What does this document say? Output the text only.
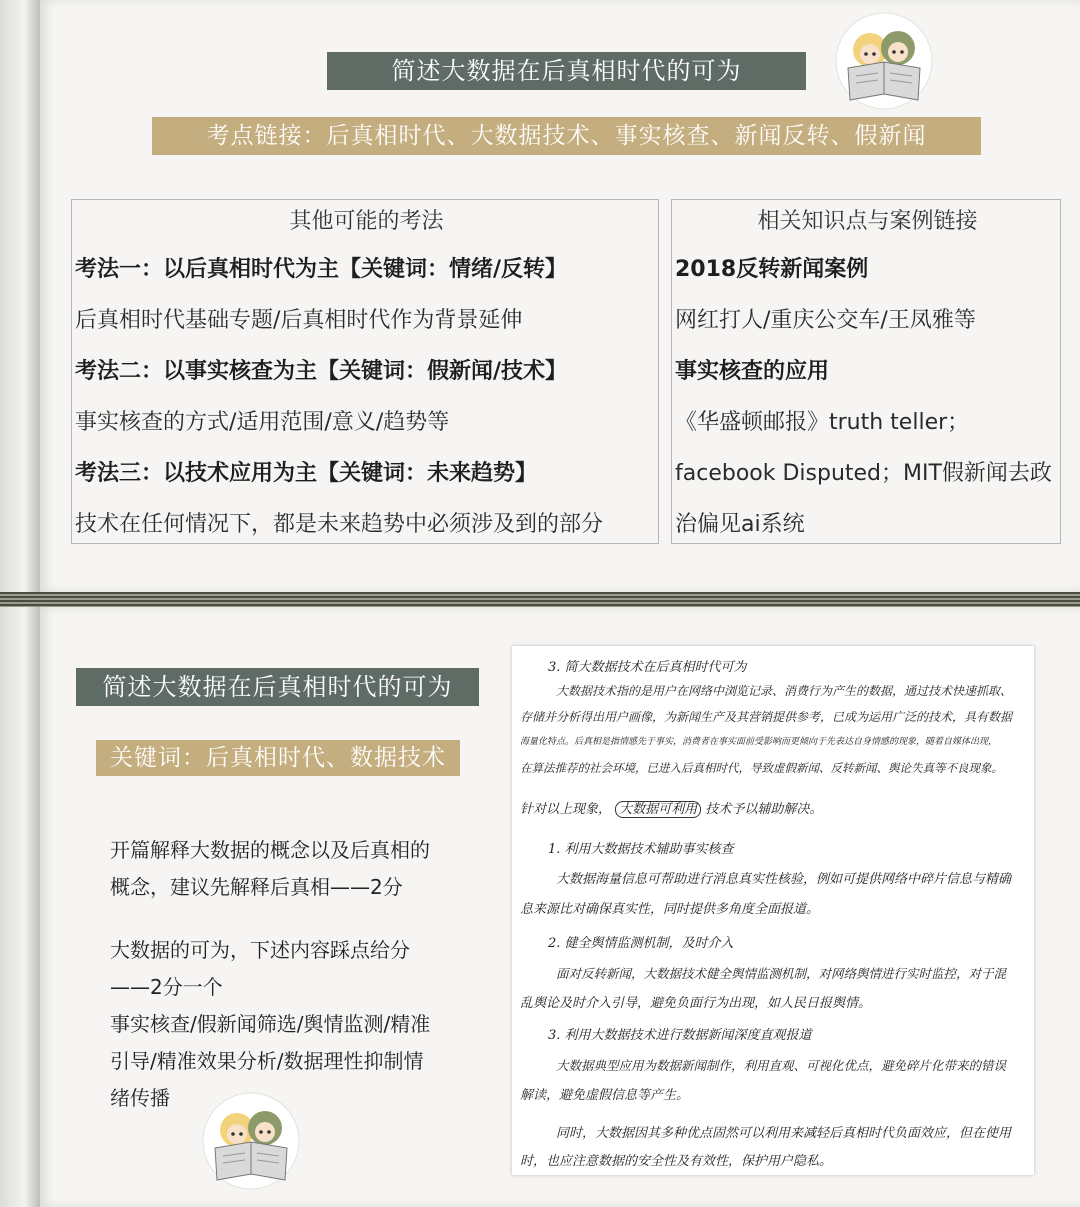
简述大数据在后真相时代的可为
考点链接：后真相时代、大数据技术、事实核查、新闻反转、假新闻
其他可能的考法
考法一：以后真相时代为主【关键词：情绪/反转】
后真相时代基础专题/后真相时代作为背景延伸
考法二：以事实核查为主【关键词：假新闻/技术】
事实核查的方式/适用范围/意义/趋势等
考法三：以技术应用为主【关键词：未来趋势】
技术在任何情况下，都是未来趋势中必须涉及到的部分
相关知识点与案例链接
2018反转新闻案例
网红打人/重庆公交车/王凤雅等
事实核查的应用
《华盛顿邮报》truth teller；
facebook Disputed；MIT假新闻去政
治偏见ai系统
简述大数据在后真相时代的可为
关键词：后真相时代、数据技术
开篇解释大数据的概念以及后真相的
概念，建议先解释后真相——2分
大数据的可为，下述内容踩点给分
——2分一个
事实核查/假新闻筛选/舆情监测/精准
引导/精准效果分析/数据理性抑制情
绪传播
3. 简大数据技术在后真相时代可为
大数据技术指的是用户在网络中浏览记录、消费行为产生的数据，通过技术快速抓取、
存储并分析得出用户画像，为新闻生产及其营销提供参考，已成为运用广泛的技术，具有数据
海量化特点。后真相是指情感先于事实，消费者在事实面前受影响而更倾向于先表达自身情感的现象，随着自媒体出现，
在算法推荐的社会环境，已进入后真相时代，导致虚假新闻、反转新闻、舆论失真等不良现象。
针对以上现象， 大数据可利用 技术予以辅助解决。
1. 利用大数据技术辅助事实核查
大数据海量信息可帮助进行消息真实性核验，例如可提供网络中碎片信息与精确
息来源比对确保真实性，同时提供多角度全面报道。
2. 健全舆情监测机制，及时介入
面对反转新闻，大数据技术健全舆情监测机制，对网络舆情进行实时监控，对于混
乱舆论及时介入引导，避免负面行为出现，如人民日报舆情。
3. 利用大数据技术进行数据新闻深度直观报道
大数据典型应用为数据新闻制作，利用直观、可视化优点，避免碎片化带来的错误
解读，避免虚假信息等产生。
同时，大数据因其多种优点固然可以利用来减轻后真相时代负面效应，但在使用
时，也应注意数据的安全性及有效性，保护用户隐私。
